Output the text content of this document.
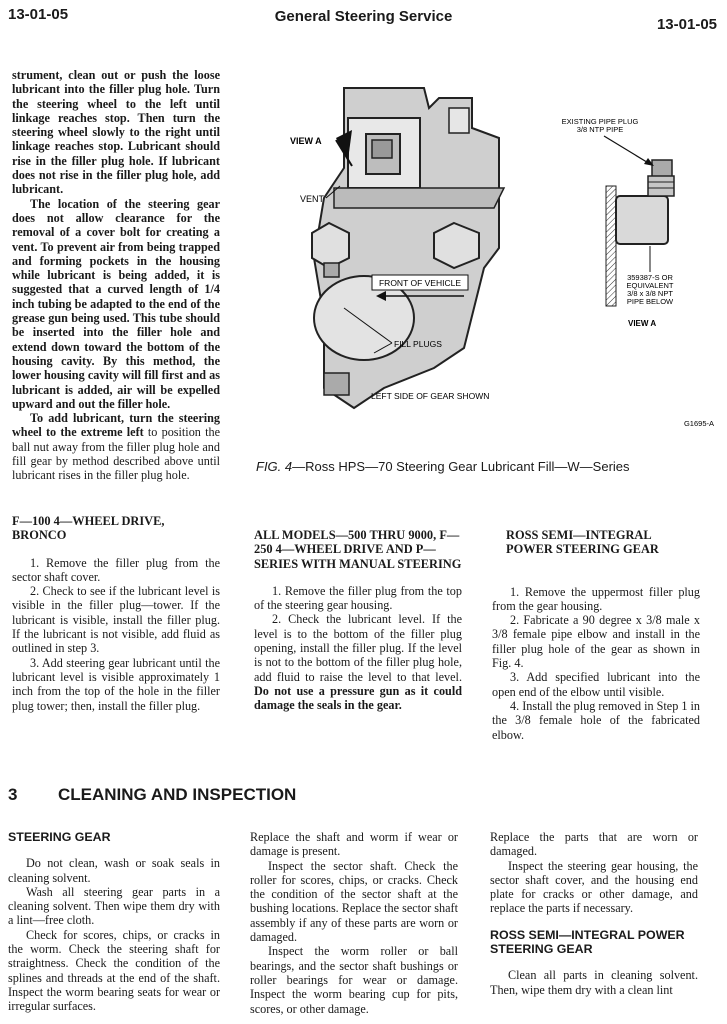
13-01-05	General Steering Service	13-01-05

strument, clean out or push the loose lubricant into the filler plug hole. Turn the steering wheel to the left until linkage reaches stop. Then turn the steering wheel slowly to the right until linkage reaches stop. Lubricant should rise in the filler plug hole. If lubricant does not rise in the filler plug hole, add lubricant.

The location of the steering gear does not allow clearance for the removal of a cover bolt for creating a vent. To prevent air from being trapped and forming pockets in the housing while lubricant is being added, it is suggested that a curved length of 1/4 inch tubing be adapted to the end of the grease gun being used. This tube should be inserted into the filler hole and extend down toward the bottom of the housing cavity. By this method, the lower housing cavity will fill first and as lubricant is added, air will be expelled upward and out the filler hole.

To add lubricant, turn the steering wheel to the extreme left to position the ball nut away from the filler plug hole and fill gear by method described above until lubricant rises in the filler plug hole.

VIEW A
VENT
FRONT OF VEHICLE
FILL PLUGS
LEFT SIDE OF GEAR SHOWN
EXISTING PIPE PLUG
3/8 NTP PIPE
359387-S OR
EQUIVALENT
3/8 x 3/8 NPT
PIPE BELOW
VIEW A
G1695-A
FIG. 4—Ross HPS—70 Steering Gear Lubricant Fill—W—Series

F—100 4—WHEEL DRIVE, BRONCO

1. Remove the filler plug from the sector shaft cover.

2. Check to see if the lubricant level is visible in the filler plug—tower. If the lubricant is visible, install the filler plug. If the lubricant is not visible, add fluid as outlined in step 3.

3. Add steering gear lubricant until the lubricant level is visible approximately 1 inch from the top of the hole in the filler plug tower; then, install the filler plug.

ALL MODELS—500 THRU 9000, F—250 4—WHEEL DRIVE AND P—SERIES WITH MANUAL STEERING

1. Remove the filler plug from the top of the steering gear housing.

2. Check the lubricant level. If the level is to the bottom of the filler plug opening, install the filler plug. If the level is not to the bottom of the filler plug hole, add fluid to raise the level to that level. Do not use a pressure gun as it could damage the seals in the gear.

ROSS SEMI—INTEGRAL POWER STEERING GEAR

1. Remove the uppermost filler plug from the gear housing.

2. Fabricate a 90 degree x 3/8 male x 3/8 female pipe elbow and install in the filler plug hole of the gear as shown in Fig. 4.

3. Add specified lubricant into the open end of the elbow until visible.

4. Install the plug removed in Step 1 in the 3/8 female hole of the fabricated elbow.

3 CLEANING AND INSPECTION

STEERING GEAR

Do not clean, wash or soak seals in cleaning solvent.

Wash all steering gear parts in a cleaning solvent. Then wipe them dry with a lint—free cloth.

Check for scores, chips, or cracks in the worm. Check the steering shaft for straightness. Check the condition of the splines and threads at the end of the shaft. Inspect the worm bearing seats for wear or irregular surfaces.

Replace the shaft and worm if wear or damage is present.

Inspect the sector shaft. Check the roller for scores, chips, or cracks. Check the condition of the sector shaft at the bushing locations. Replace the sector shaft assembly if any of these parts are worn or damaged.

Inspect the worm roller or ball bearings, and the sector shaft bushings or roller bearings for wear or damage. Inspect the worm bearing cup for pits, scores, or other damage.

Replace the parts that are worn or damaged.

Inspect the steering gear housing, the sector shaft cover, and the housing end plate for cracks or other damage, and replace the parts if necessary.

ROSS SEMI—INTEGRAL POWER STEERING GEAR

Clean all parts in cleaning solvent. Then, wipe them dry with a clean lint
